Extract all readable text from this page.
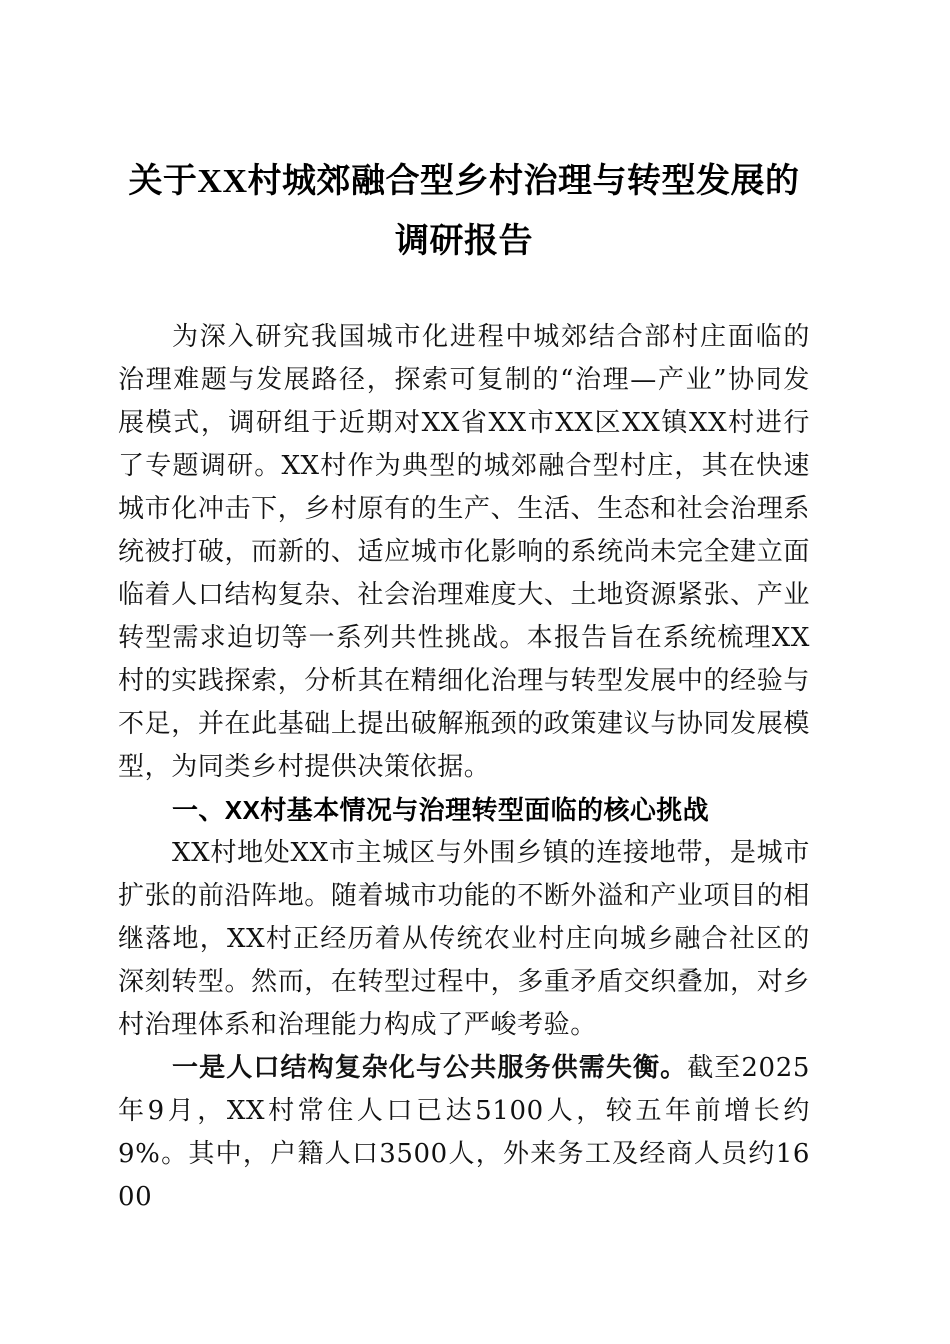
关于XX村城郊融合型乡村治理与转型发展的调研报告

为深入研究我国城市化进程中城郊结合部村庄面临的治理难题与发展路径，探索可复制的“治理—产业”协同发展模式，调研组于近期对XX省XX市XX区XX镇XX村进行了专题调研。XX村作为典型的城郊融合型村庄，其在快速城市化冲击下，乡村原有的生产、生活、生态和社会治理系统被打破，而新的、适应城市化影响的系统尚未完全建立面临着人口结构复杂、社会治理难度大、土地资源紧张、产业转型需求迫切等一系列共性挑战。本报告旨在系统梳理XX村的实践探索，分析其在精细化治理与转型发展中的经验与不足，并在此基础上提出破解瓶颈的政策建议与协同发展模型，为同类乡村提供决策依据。

一、XX村基本情况与治理转型面临的核心挑战

XX村地处XX市主城区与外围乡镇的连接地带，是城市扩张的前沿阵地。随着城市功能的不断外溢和产业项目的相继落地，XX村正经历着从传统农业村庄向城乡融合社区的深刻转型。然而，在转型过程中，多重矛盾交织叠加，对乡村治理体系和治理能力构成了严峻考验。

一是人口结构复杂化与公共服务供需失衡。截至2025年9月，XX村常住人口已达5100人，较五年前增长约9%。其中，户籍人口3500人，外来务工及经商人员约1600
